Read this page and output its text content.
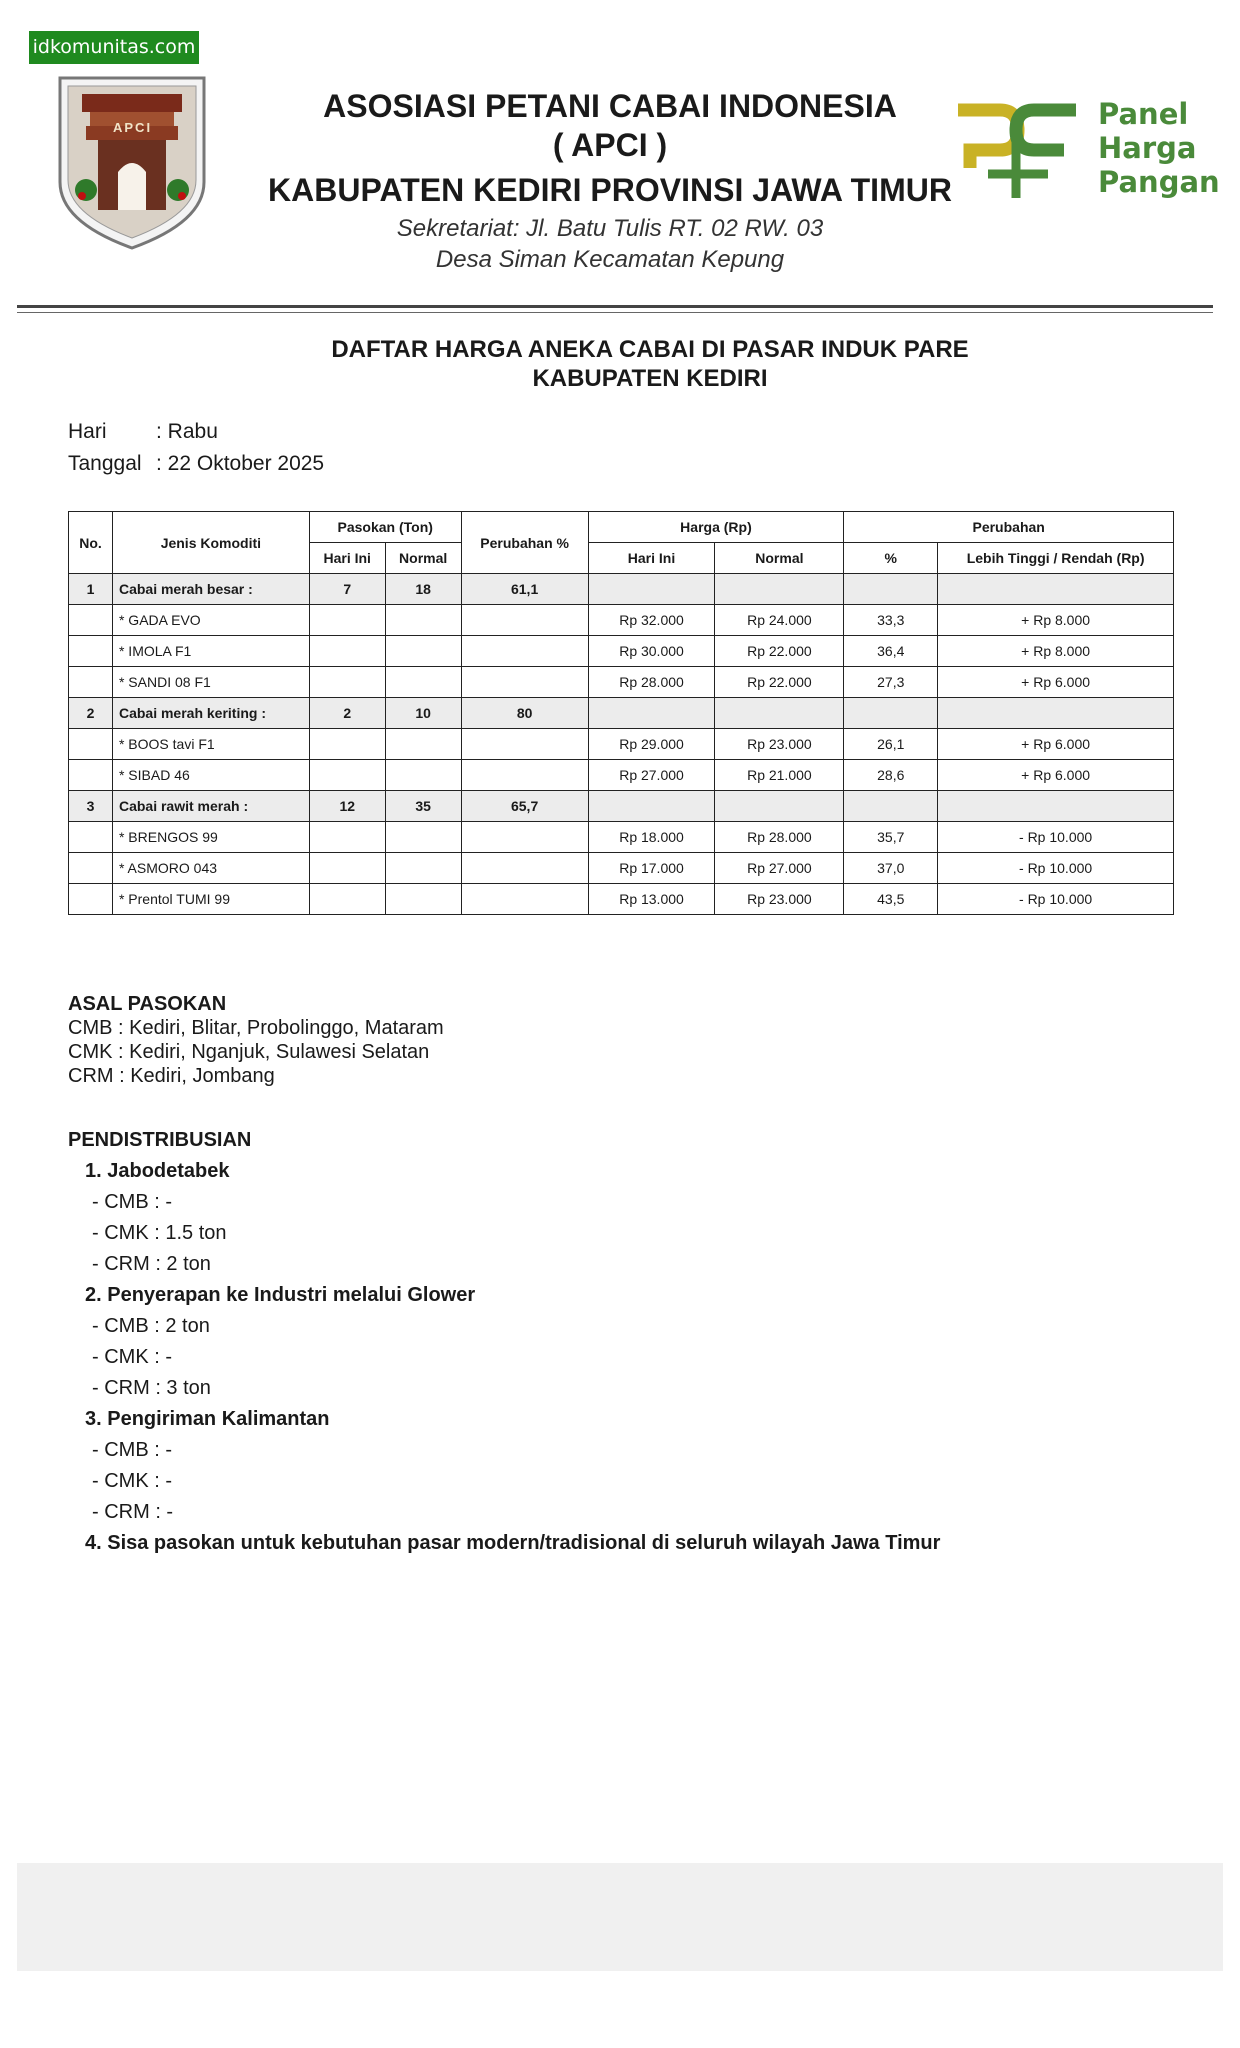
idkomunitas.com
APCI	Panel
Harga
Pangan
ASOSIASI PETANI CABAI INDONESIA
( APCI )
KABUPATEN KEDIRI PROVINSI JAWA TIMUR
Sekretariat: Jl. Batu Tulis RT. 02 RW. 03
Desa Siman Kecamatan Kepung
DAFTAR HARGA ANEKA CABAI DI PASAR INDUK PARE
KABUPATEN KEDIRI
Hari : Rabu
Tanggal : 22 Oktober 2025
No.	Jenis Komoditi	Pasokan (Ton)		Perubahan %	Harga (Rp)		Perubahan	
		Hari Ini	Normal		Hari Ini	Normal	%	Lebih Tinggi / Rendah (Rp)
1	Cabai merah besar :	7	18	61,1				
	* GADA EVO				Rp 32.000	Rp 24.000	33,3	+ Rp 8.000
	* IMOLA F1				Rp 30.000	Rp 22.000	36,4	+ Rp 8.000
	* SANDI 08 F1				Rp 28.000	Rp 22.000	27,3	+ Rp 6.000
2	Cabai merah keriting :	2	10	80				
	* BOOS tavi F1				Rp 29.000	Rp 23.000	26,1	+ Rp 6.000
	* SIBAD 46				Rp 27.000	Rp 21.000	28,6	+ Rp 6.000
3	Cabai rawit merah :	12	35	65,7				
	* BRENGOS 99				Rp 18.000	Rp 28.000	35,7	- Rp 10.000
	* ASMORO 043				Rp 17.000	Rp 27.000	37,0	- Rp 10.000
	* Prentol TUMI 99				Rp 13.000	Rp 23.000	43,5	- Rp 10.000
ASAL PASOKAN
CMB : Kediri, Blitar, Probolinggo, Mataram
CMK : Kediri, Nganjuk, Sulawesi Selatan
CRM : Kediri, Jombang
PENDISTRIBUSIAN
1. Jabodetabek
- CMB : -
- CMK : 1.5 ton
- CRM : 2 ton
2. Penyerapan ke Industri melalui Glower
- CMB : 2 ton
- CMK : -
- CRM : 3 ton
3. Pengiriman Kalimantan
- CMB : -
- CMK : -
- CRM : -
4. Sisa pasokan untuk kebutuhan pasar modern/tradisional di seluruh wilayah Jawa Timur
